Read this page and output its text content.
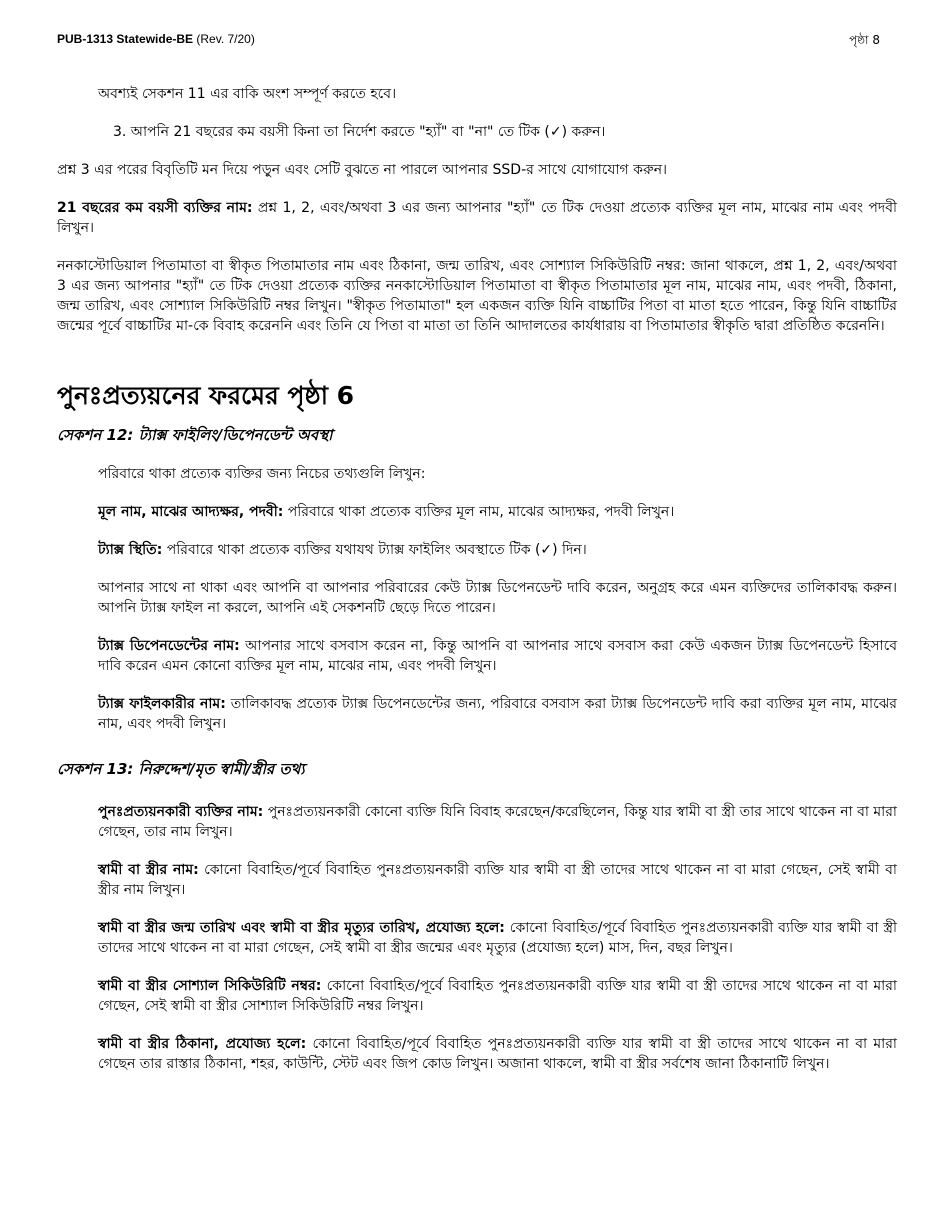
PUB-1313 Statewide-BE (Rev. 7/20)	পৃষ্ঠা 8

অবশ্যই সেকশন 11 এর বাকি অংশ সম্পূর্ণ করতে হবে।

3. আপনি 21 বছরের কম বয়সী কিনা তা নির্দেশ করতে "হ্যাঁ" বা "না" তে টিক (✓) করুন।

প্রশ্ন 3 এর পরের বিবৃতিটি মন দিয়ে পড়ুন এবং সেটি বুঝতে না পারলে আপনার SSD-র সাথে যোগাযোগ করুন।

21 বছরের কম বয়সী ব্যক্তির নাম: প্রশ্ন 1, 2, এবং/অথবা 3 এর জন্য আপনার "হ্যাঁ" তে টিক দেওয়া প্রত্যেক ব্যক্তির মূল নাম, মাঝের নাম এবং পদবী লিখুন।

ননকাস্টোডিয়াল পিতামাতা বা স্বীকৃত পিতামাতার নাম এবং ঠিকানা, জন্ম তারিখ, এবং সোশ্যাল সিকিউরিটি নম্বর: জানা থাকলে, প্রশ্ন 1, 2, এবং/অথবা 3 এর জন্য আপনার "হ্যাঁ" তে টিক দেওয়া প্রত্যেক ব্যক্তির ননকাস্টোডিয়াল পিতামাতা বা স্বীকৃত পিতামাতার মূল নাম, মাঝের নাম, এবং পদবী, ঠিকানা, জন্ম তারিখ, এবং সোশ্যাল সিকিউরিটি নম্বর লিখুন। "স্বীকৃত পিতামাতা" হল একজন ব্যক্তি যিনি বাচ্চাটির পিতা বা মাতা হতে পারেন, কিন্তু যিনি বাচ্চাটির জন্মের পূর্বে বাচ্চাটির মা-কে বিবাহ করেননি এবং তিনি যে পিতা বা মাতা তা তিনি আদালতের কার্যধারায় বা পিতামাতার স্বীকৃতি দ্বারা প্রতিষ্ঠিত করেননি।

পুনঃপ্রত্যয়নের ফরমের পৃষ্ঠা 6
সেকশন 12: ট্যাক্স ফাইলিং/ডিপেনডেন্ট অবস্থা

পরিবারে থাকা প্রত্যেক ব্যক্তির জন্য নিচের তথ্যগুলি লিখুন:

মূল নাম, মাঝের আদ্যক্ষর, পদবী: পরিবারে থাকা প্রত্যেক ব্যক্তির মূল নাম, মাঝের আদ্যক্ষর, পদবী লিখুন।

ট্যাক্স স্থিতি: পরিবারে থাকা প্রত্যেক ব্যক্তির যথাযথ ট্যাক্স ফাইলিং অবস্থাতে টিক (✓) দিন।

আপনার সাথে না থাকা এবং আপনি বা আপনার পরিবারের কেউ ট্যাক্স ডিপেনডেন্ট দাবি করেন, অনুগ্রহ করে এমন ব্যক্তিদের তালিকাবদ্ধ করুন। আপনি ট্যাক্স ফাইল না করলে, আপনি এই সেকশনটি ছেড়ে দিতে পারেন।

ট্যাক্স ডিপেনডেন্টের নাম: আপনার সাথে বসবাস করেন না, কিন্তু আপনি বা আপনার সাথে বসবাস করা কেউ একজন ট্যাক্স ডিপেনডেন্ট হিসাবে দাবি করেন এমন কোনো ব্যক্তির মূল নাম, মাঝের নাম, এবং পদবী লিখুন।

ট্যাক্স ফাইলকারীর নাম: তালিকাবদ্ধ প্রত্যেক ট্যাক্স ডিপেনডেন্টের জন্য, পরিবারে বসবাস করা ট্যাক্স ডিপেনডেন্ট দাবি করা ব্যক্তির মূল নাম, মাঝের নাম, এবং পদবী লিখুন।

সেকশন 13: নিরুদ্দেশ/মৃত স্বামী/স্ত্রীর তথ্য

পুনঃপ্রত্যয়নকারী ব্যক্তির নাম: পুনঃপ্রত্যয়নকারী কোনো ব্যক্তি যিনি বিবাহ করেছেন/করেছিলেন, কিন্তু যার স্বামী বা স্ত্রী তার সাথে থাকেন না বা মারা গেছেন, তার নাম লিখুন।

স্বামী বা স্ত্রীর নাম: কোনো বিবাহিত/পূর্বে বিবাহিত পুনঃপ্রত্যয়নকারী ব্যক্তি যার স্বামী বা স্ত্রী তাদের সাথে থাকেন না বা মারা গেছেন, সেই স্বামী বা স্ত্রীর নাম লিখুন।

স্বামী বা স্ত্রীর জন্ম তারিখ এবং স্বামী বা স্ত্রীর মৃত্যুর তারিখ, প্রযোজ্য হলে: কোনো বিবাহিত/পূর্বে বিবাহিত পুনঃপ্রত্যয়নকারী ব্যক্তি যার স্বামী বা স্ত্রী তাদের সাথে থাকেন না বা মারা গেছেন, সেই স্বামী বা স্ত্রীর জন্মের এবং মৃত্যুর (প্রযোজ্য হলে) মাস, দিন, বছর লিখুন।

স্বামী বা স্ত্রীর সোশ্যাল সিকিউরিটি নম্বর: কোনো বিবাহিত/পূর্বে বিবাহিত পুনঃপ্রত্যয়নকারী ব্যক্তি যার স্বামী বা স্ত্রী তাদের সাথে থাকেন না বা মারা গেছেন, সেই স্বামী বা স্ত্রীর সোশ্যাল সিকিউরিটি নম্বর লিখুন।

স্বামী বা স্ত্রীর ঠিকানা, প্রযোজ্য হলে: কোনো বিবাহিত/পূর্বে বিবাহিত পুনঃপ্রত্যয়নকারী ব্যক্তি যার স্বামী বা স্ত্রী তাদের সাথে থাকেন না বা মারা গেছেন তার রাস্তার ঠিকানা, শহর, কাউন্টি, স্টেট এবং জিপ কোড লিখুন। অজানা থাকলে, স্বামী বা স্ত্রীর সর্বশেষ জানা ঠিকানাটি লিখুন।
